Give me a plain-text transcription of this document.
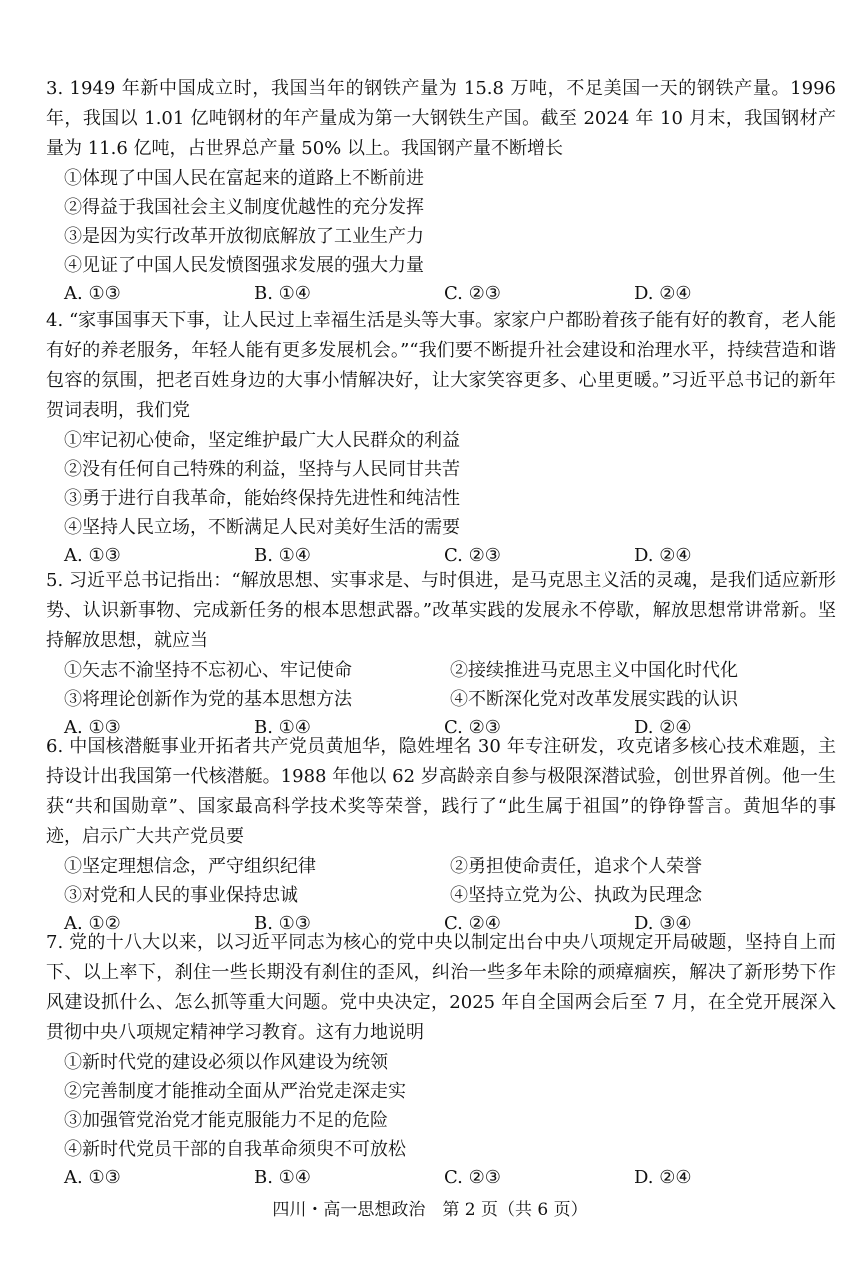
3. 1949 年新中国成立时，我国当年的钢铁产量为 15.8 万吨，不足美国一天的钢铁产量。1996 年，我国以 1.01 亿吨钢材的年产量成为第一大钢铁生产国。截至 2024 年 10 月末，我国钢材产量为 11.6 亿吨，占世界总产量 50% 以上。我国钢产量不断增长

①体现了中国人民在富起来的道路上不断前进
②得益于我国社会主义制度优越性的充分发挥
③是因为实行改革开放彻底解放了工业生产力
④见证了中国人民发愤图强求发展的强大力量
A. ①③	B. ①④	C. ②③	D. ②④

4. “家事国事天下事，让人民过上幸福生活是头等大事。家家户户都盼着孩子能有好的教育，老人能有好的养老服务，年轻人能有更多发展机会。”“我们要不断提升社会建设和治理水平，持续营造和谐包容的氛围，把老百姓身边的大事小情解决好，让大家笑容更多、心里更暖。”习近平总书记的新年贺词表明，我们党

①牢记初心使命，坚定维护最广大人民群众的利益
②没有任何自己特殊的利益，坚持与人民同甘共苦
③勇于进行自我革命，能始终保持先进性和纯洁性
④坚持人民立场，不断满足人民对美好生活的需要
A. ①③	B. ①④	C. ②③	D. ②④

5. 习近平总书记指出：“解放思想、实事求是、与时俱进，是马克思主义活的灵魂，是我们适应新形势、认识新事物、完成新任务的根本思想武器。”改革实践的发展永不停歇，解放思想常讲常新。坚持解放思想，就应当

①矢志不渝坚持不忘初心、牢记使命	②接续推进马克思主义中国化时代化
③将理论创新作为党的基本思想方法	④不断深化党对改革发展实践的认识
A. ①③	B. ①④	C. ②③	D. ②④

6. 中国核潜艇事业开拓者共产党员黄旭华，隐姓埋名 30 年专注研发，攻克诸多核心技术难题，主持设计出我国第一代核潜艇。1988 年他以 62 岁高龄亲自参与极限深潜试验，创世界首例。他一生获“共和国勋章”、国家最高科学技术奖等荣誉，践行了“此生属于祖国”的铮铮誓言。黄旭华的事迹，启示广大共产党员要

①坚定理想信念，严守组织纪律	②勇担使命责任，追求个人荣誉
③对党和人民的事业保持忠诚	④坚持立党为公、执政为民理念
A. ①②	B. ①③	C. ②④	D. ③④

7. 党的十八大以来，以习近平同志为核心的党中央以制定出台中央八项规定开局破题，坚持自上而下、以上率下，刹住一些长期没有刹住的歪风，纠治一些多年未除的顽瘴痼疾，解决了新形势下作风建设抓什么、怎么抓等重大问题。党中央决定，2025 年自全国两会后至 7 月，在全党开展深入贯彻中央八项规定精神学习教育。这有力地说明

①新时代党的建设必须以作风建设为统领
②完善制度才能推动全面从严治党走深走实
③加强管党治党才能克服能力不足的危险
④新时代党员干部的自我革命须臾不可放松
A. ①③	B. ①④	C. ②③	D. ②④
四川・高一思想政治　第 2 页（共 6 页）
